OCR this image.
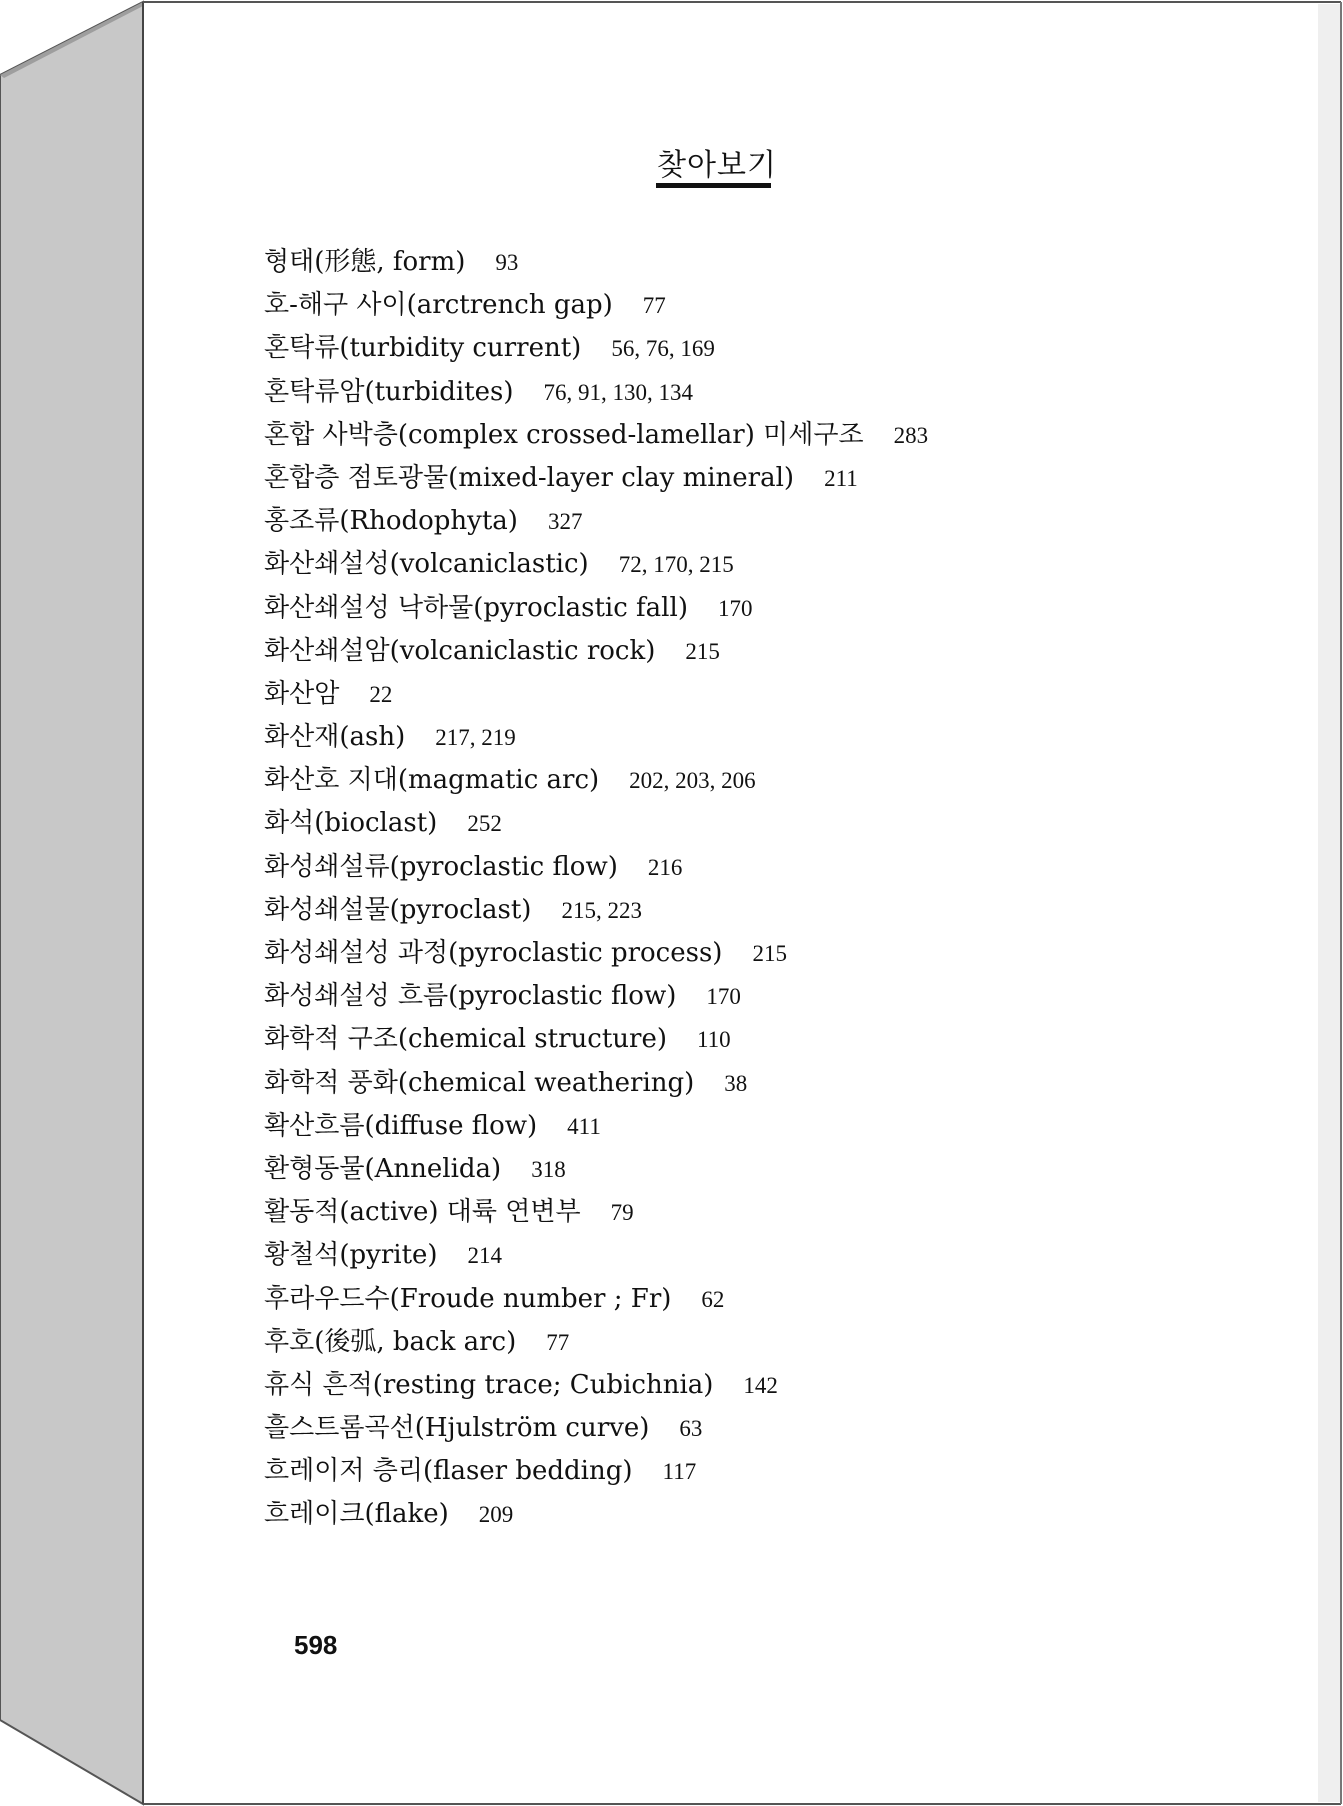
찾아보기
형태(形態, form) 93
호-해구 사이(arctrench gap) 77
혼탁류(turbidity current) 56, 76, 169
혼탁류암(turbidites) 76, 91, 130, 134
혼합 사박층(complex crossed-lamellar) 미세구조 283
혼합층 점토광물(mixed-layer clay mineral) 211
홍조류(Rhodophyta) 327
화산쇄설성(volcaniclastic) 72, 170, 215
화산쇄설성 낙하물(pyroclastic fall) 170
화산쇄설암(volcaniclastic rock) 215
화산암 22
화산재(ash) 217, 219
화산호 지대(magmatic arc) 202, 203, 206
화석(bioclast) 252
화성쇄설류(pyroclastic flow) 216
화성쇄설물(pyroclast) 215, 223
화성쇄설성 과정(pyroclastic process) 215
화성쇄설성 흐름(pyroclastic flow) 170
화학적 구조(chemical structure) 110
화학적 풍화(chemical weathering) 38
확산흐름(diffuse flow) 411
환형동물(Annelida) 318
활동적(active) 대륙 연변부 79
황철석(pyrite) 214
후라우드수(Froude number ; Fr) 62
후호(後弧, back arc) 77
휴식 흔적(resting trace; Cubichnia) 142
흘스트롬곡선(Hjulström curve) 63
흐레이저 층리(flaser bedding) 117
흐레이크(flake) 209
598
